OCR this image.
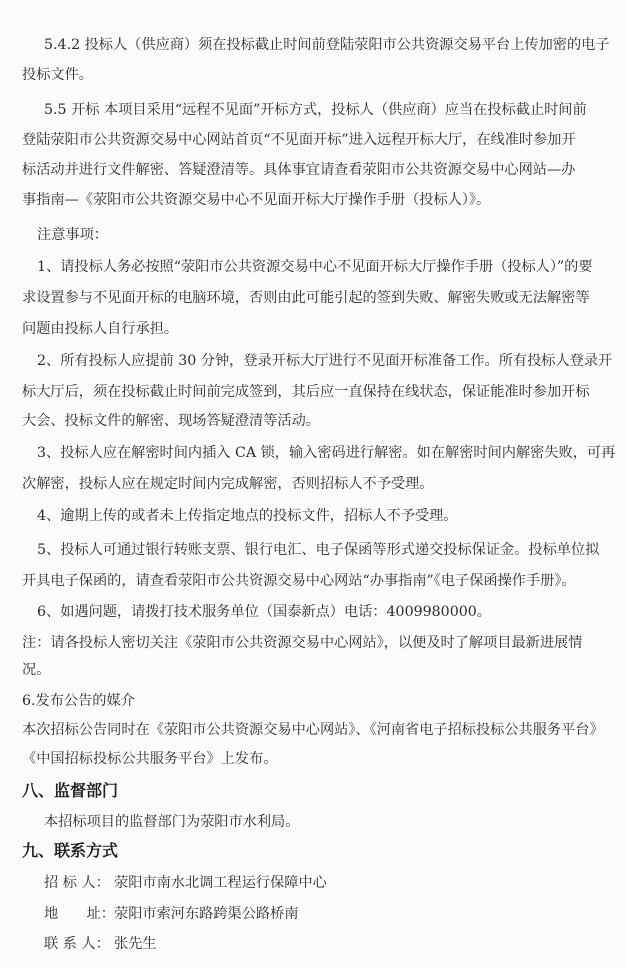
5.4.2 投标人（供应商）须在投标截止时间前登陆荥阳市公共资源交易平台上传加密的电子
投标文件。
5.5 开标 本项目采用“远程不见面”开标方式，投标人（供应商）应当在投标截止时间前
登陆荥阳市公共资源交易中心网站首页“不见面开标”进入远程开标大厅，在线准时参加开
标活动并进行文件解密、答疑澄清等。具体事宜请查看荥阳市公共资源交易中心网站—办
事指南—《荥阳市公共资源交易中心不见面开标大厅操作手册（投标人）》。
注意事项：
1、请投标人务必按照“荥阳市公共资源交易中心不见面开标大厅操作手册（投标人）”的要
求设置参与不见面开标的电脑环境，否则由此可能引起的签到失败、解密失败或无法解密等
问题由投标人自行承担。
2、所有投标人应提前 30 分钟，登录开标大厅进行不见面开标准备工作。所有投标人登录开
标大厅后，须在投标截止时间前完成签到，其后应一直保持在线状态，保证能准时参加开标
大会、投标文件的解密、现场答疑澄清等活动。
3、投标人应在解密时间内插入 CA 锁，输入密码进行解密。如在解密时间内解密失败，可再
次解密，投标人应在规定时间内完成解密，否则招标人不予受理。
4、逾期上传的或者未上传指定地点的投标文件，招标人不予受理。
5、投标人可通过银行转账支票、银行电汇、电子保函等形式递交投标保证金。投标单位拟
开具电子保函的，请查看荥阳市公共资源交易中心网站“办事指南”《电子保函操作手册》。
6、如遇问题，请拨打技术服务单位（国泰新点）电话：4009980000。
注：请各投标人密切关注《荥阳市公共资源交易中心网站》，以便及时了解项目最新进展情
况。
6.发布公告的媒介
本次招标公告同时在《荥阳市公共资源交易中心网站》、《河南省电子招标投标公共服务平台》
《中国招标投标公共服务平台》上发布。
八、监督部门
本招标项目的监督部门为荥阳市水利局。
九、联系方式
招 标 人： 荥阳市南水北调工程运行保障中心
地　　址：荥阳市索河东路跨渠公路桥南
联 系 人： 张先生
